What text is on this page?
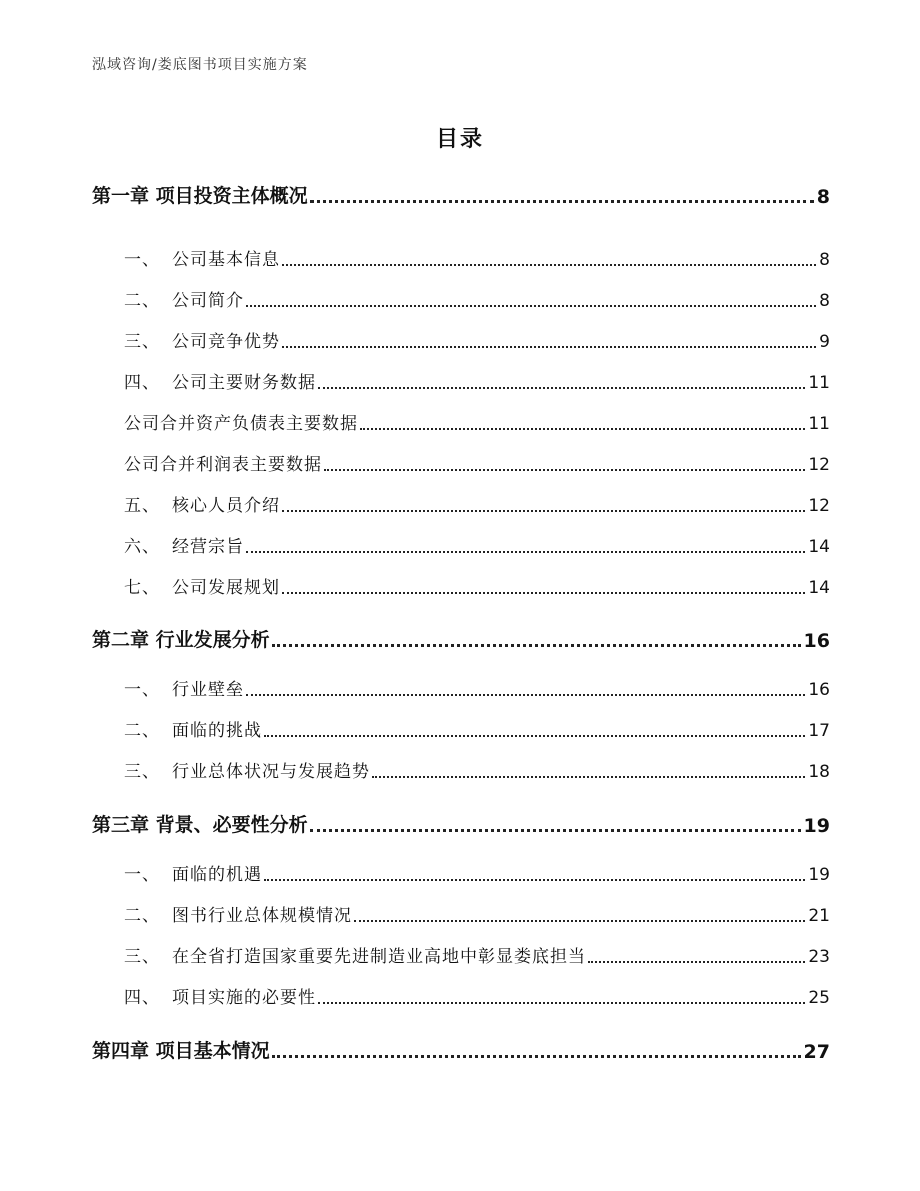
泓域咨询/娄底图书项目实施方案
目录
第一章 项目投资主体概况	8
一、 公司基本信息	8
二、 公司简介	8
三、 公司竞争优势	9
四、 公司主要财务数据	11
公司合并资产负债表主要数据	11
公司合并利润表主要数据	12
五、 核心人员介绍	12
六、 经营宗旨	14
七、 公司发展规划	14
第二章 行业发展分析	16
一、 行业壁垒	16
二、 面临的挑战	17
三、 行业总体状况与发展趋势	18
第三章 背景、必要性分析	19
一、 面临的机遇	19
二、 图书行业总体规模情况	21
三、 在全省打造国家重要先进制造业高地中彰显娄底担当	23
四、 项目实施的必要性	25
第四章 项目基本情况	27
